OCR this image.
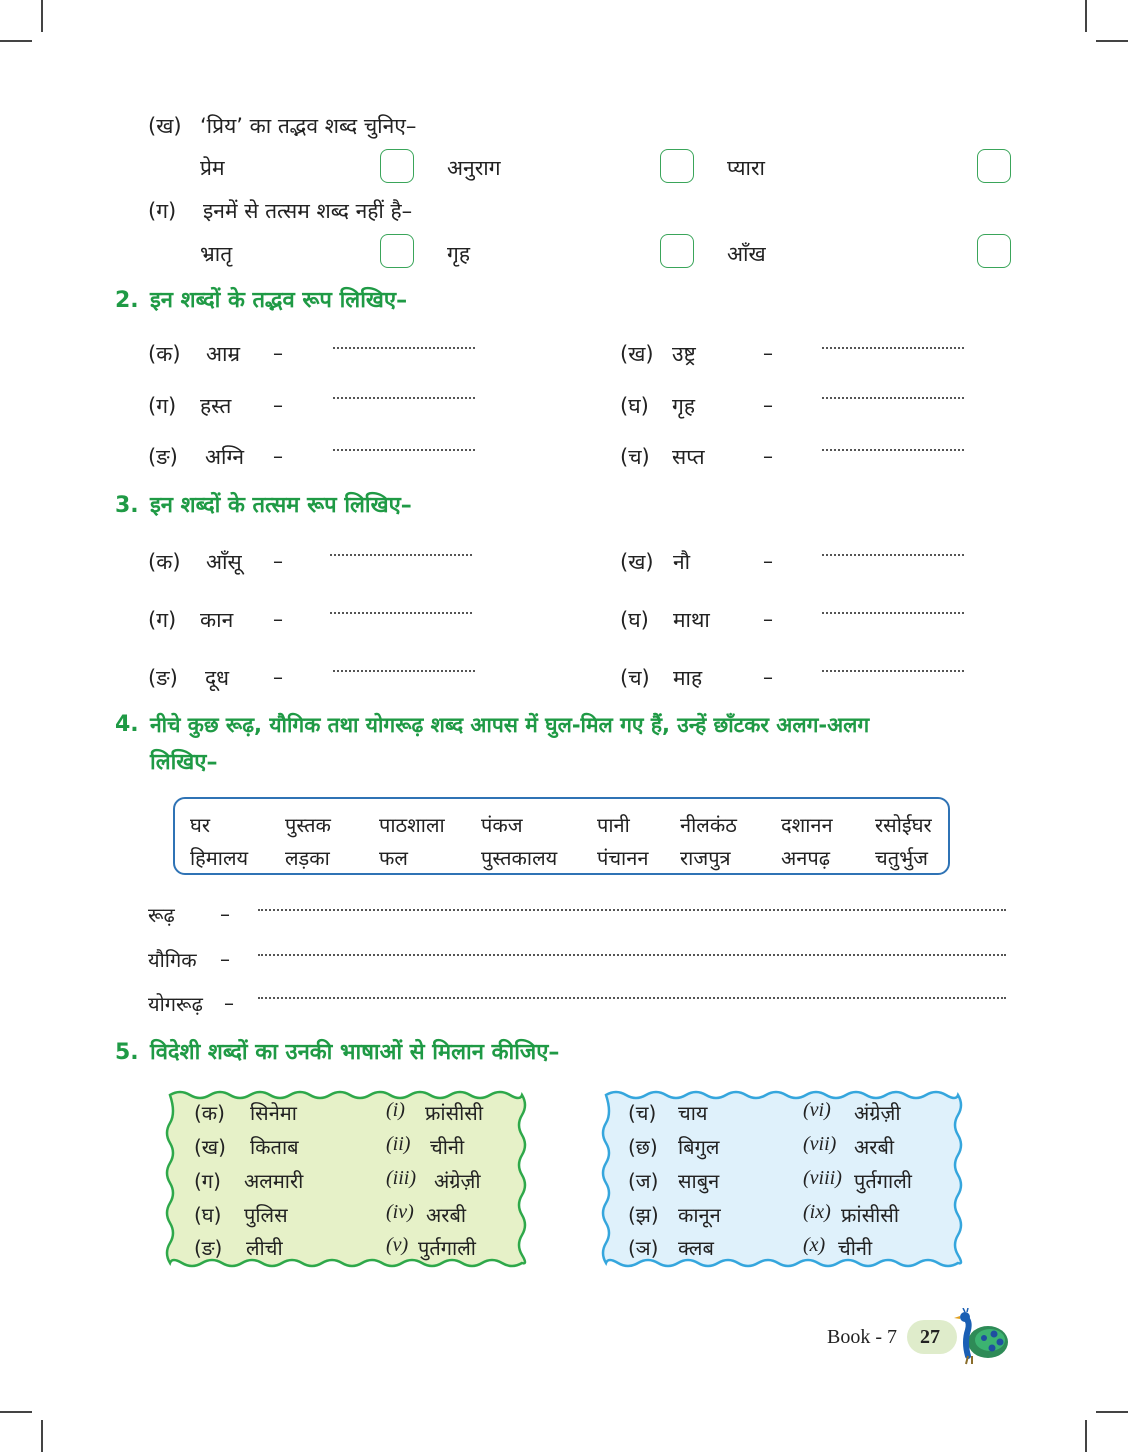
(ख) ‘प्रिय’ का तद्भव शब्द चुनिए–
प्रेम	अनुराग	प्यारा
(ग) इनमें से तत्सम शब्द नहीं है–
भ्रातृ	गृह	आँख
2. इन शब्दों के तद्भव रूप लिखिए–
(क) आम्र –	(ख) उष्ट्र	–
(ग) हस्त –	(घ) गृह	–
(ङ) अग्नि –	(च) सप्त	–
3. इन शब्दों के तत्सम रूप लिखिए–
(क) आँसू –	(ख) नौ	–
(ग) कान –	(घ) माथा	–
(ङ) दूध –	(च) माह	–
4. नीचे कुछ रूढ़, यौगिक तथा योगरूढ़ शब्द आपस में घुल-मिल गए हैं, उन्हें छाँटकर अलग-अलग
लिखिए–
घर	पुस्तक पाठशाला पंकज	पानी	नीलकंठ दशानन रसोईघर
हिमालय लड़का फल	पुस्तकालय पंचानन राजपुत्र	अनपढ़ चतुर्भुज
रूढ़ –
यौगिक –
योगरूढ़ –
5. विदेशी शब्दों का उनकी भाषाओं से मिलान कीजिए–
(क) सिनेमा	(i) फ्रांसीसी
(ख) किताब	(ii) चीनी
(ग) अलमारी	(iii) अंग्रेज़ी
(घ) पुलिस	(iv) अरबी
(ङ) लीची	(v) पुर्तगाली
(च) चाय	(vi) अंग्रेज़ी
(छ) बिगुल	(vii) अरबी
(ज) साबुन	(viii) पुर्तगाली
(झ) कानून	(ix) फ्रांसीसी
(ञ) क्लब	(x) चीनी
Book - 7 27
